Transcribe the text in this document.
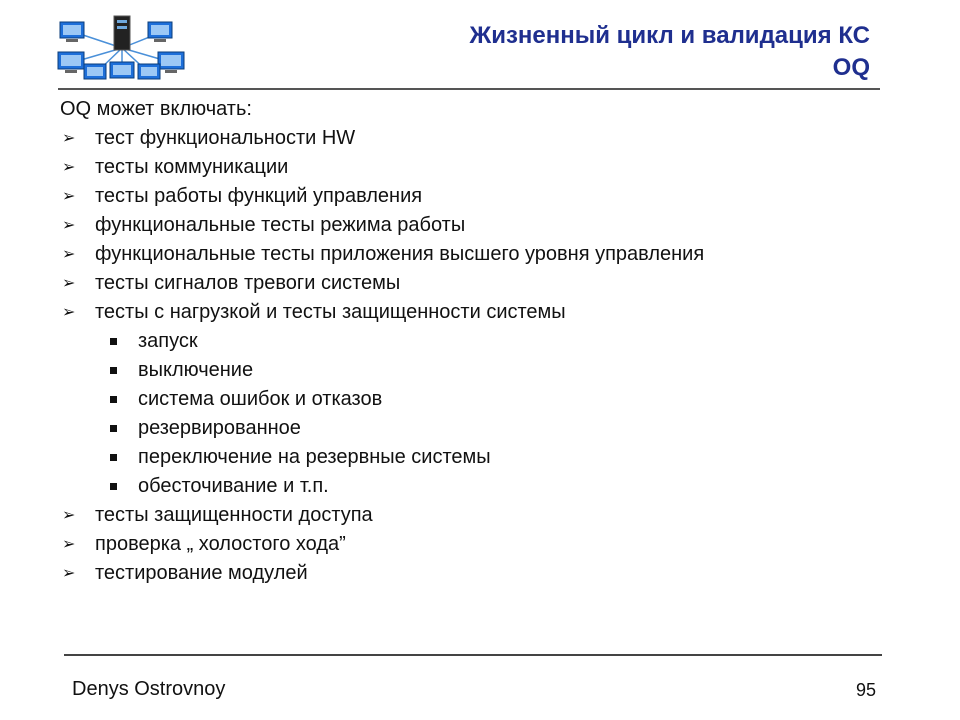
Жизненный цикл и валидация КС
OQ

OQ может включать:

➢ тест функциональности HW
➢ тесты коммуникации
➢ тесты работы функций управления
➢ функциональные тесты режима работы
➢ функциональные тесты приложения высшего уровня управления
➢ тесты сигналов тревоги системы
➢ тесты с нагрузкой и тесты защищенности системы
запуск
выключение
система ошибок и отказов
резервированное
переключение на резервные системы
обесточивание и т.п.
➢ тесты защищенности доступа
➢ проверка „ холостого хода”
➢ тестирование модулей
Denys Ostrovnoy	95
